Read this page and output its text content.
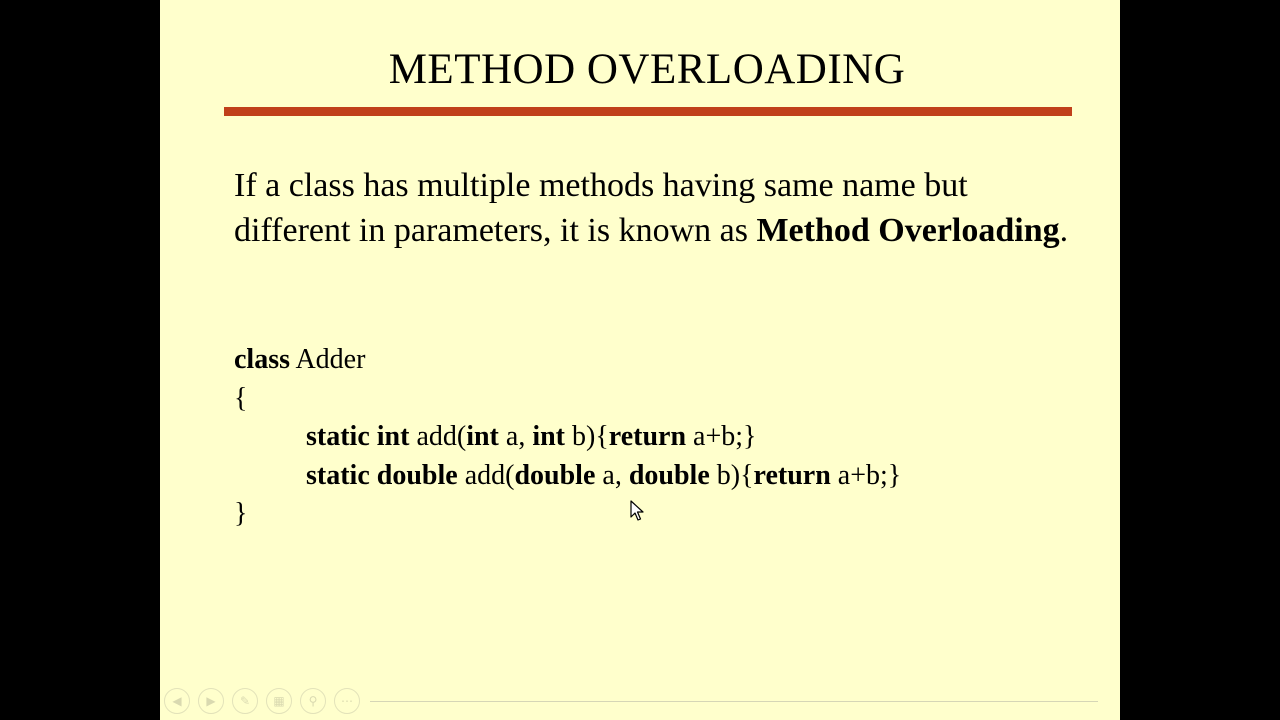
METHOD OVERLOADING

If a class has multiple methods having same name but different in parameters, it is known as Method Overloading.

class Adder
{
static int add(int a, int b){return a+b;}
static double add(double a, double b){return a+b;}
}
◀	▶	✎	▦	⚲	⋯
